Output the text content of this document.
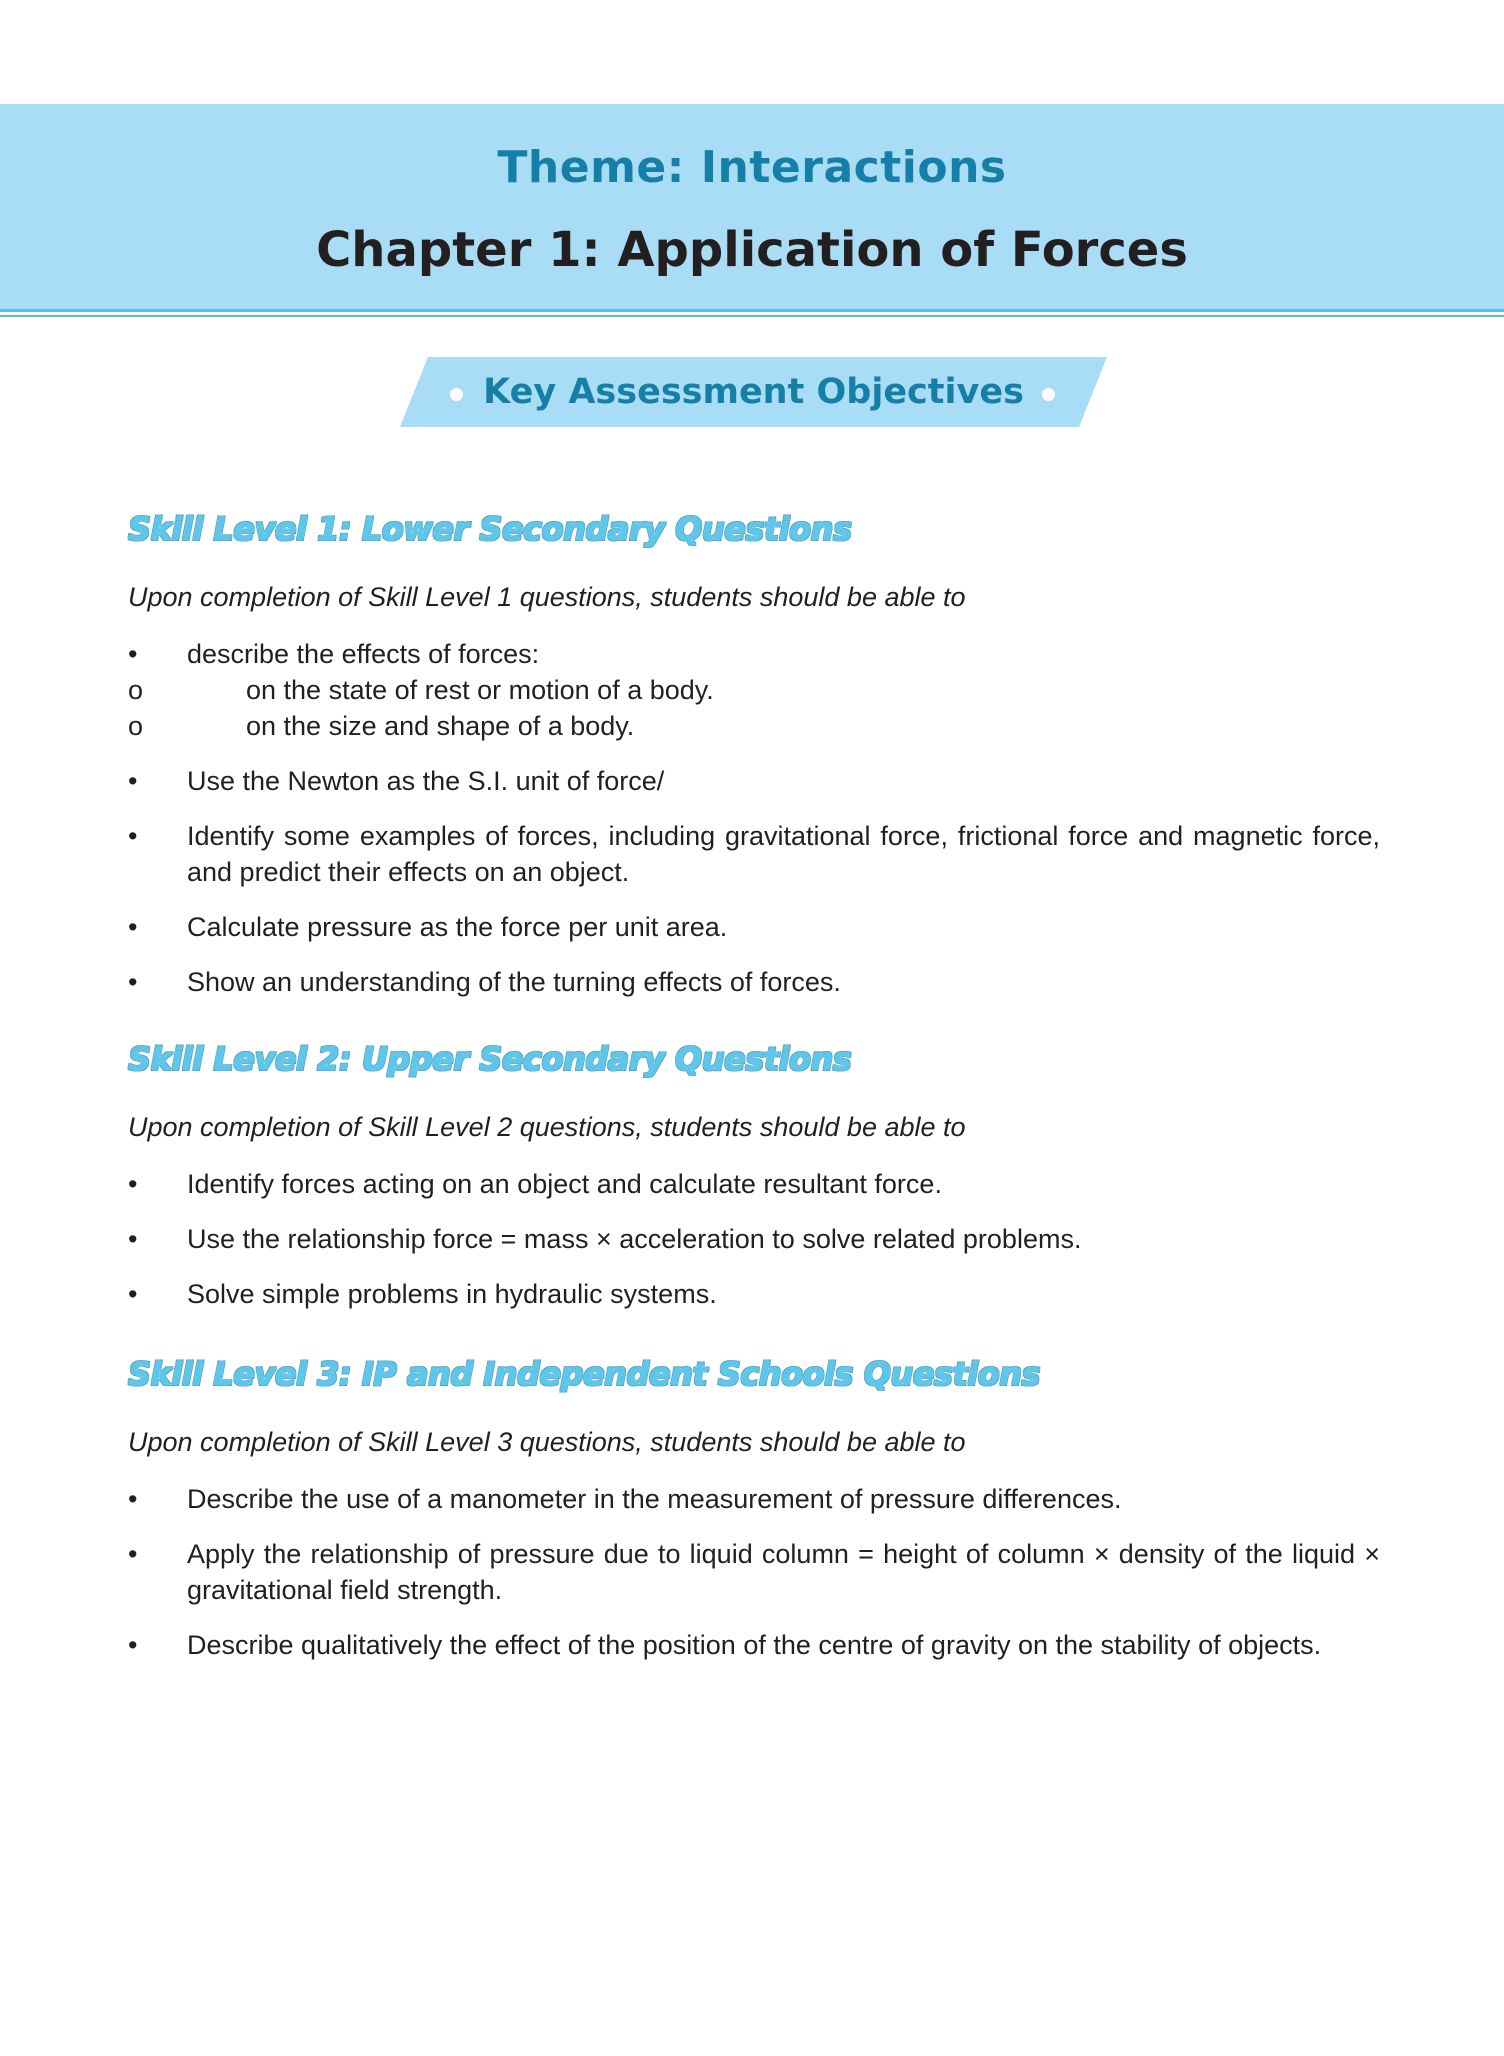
Theme: Interactions
Chapter 1: Application of Forces
Key Assessment Objectives
Skill Level 1: Lower Secondary Questions

Upon completion of Skill Level 1 questions, students should be able to

•	describe the effects of forces:
o	on the state of rest or motion of a body.
o	on the size and shape of a body.
•	Use the Newton as the S.I. unit of force/
•	Identify some examples of forces, including gravitational force, frictional force and magnetic force, and predict their effects on an object.
•	Calculate pressure as the force per unit area.
•	Show an understanding of the turning effects of forces.
Skill Level 2: Upper Secondary Questions

Upon completion of Skill Level 2 questions, students should be able to

•	Identify forces acting on an object and calculate resultant force.
•	Use the relationship force = mass × acceleration to solve related problems.
•	Solve simple problems in hydraulic systems.
Skill Level 3: IP and Independent Schools Questions

Upon completion of Skill Level 3 questions, students should be able to

•	Describe the use of a manometer in the measurement of pressure differences.
•	Apply the relationship of pressure due to liquid column = height of column × density of the liquid × gravitational field strength.
•	Describe qualitatively the effect of the position of the centre of gravity on the stability of objects.
